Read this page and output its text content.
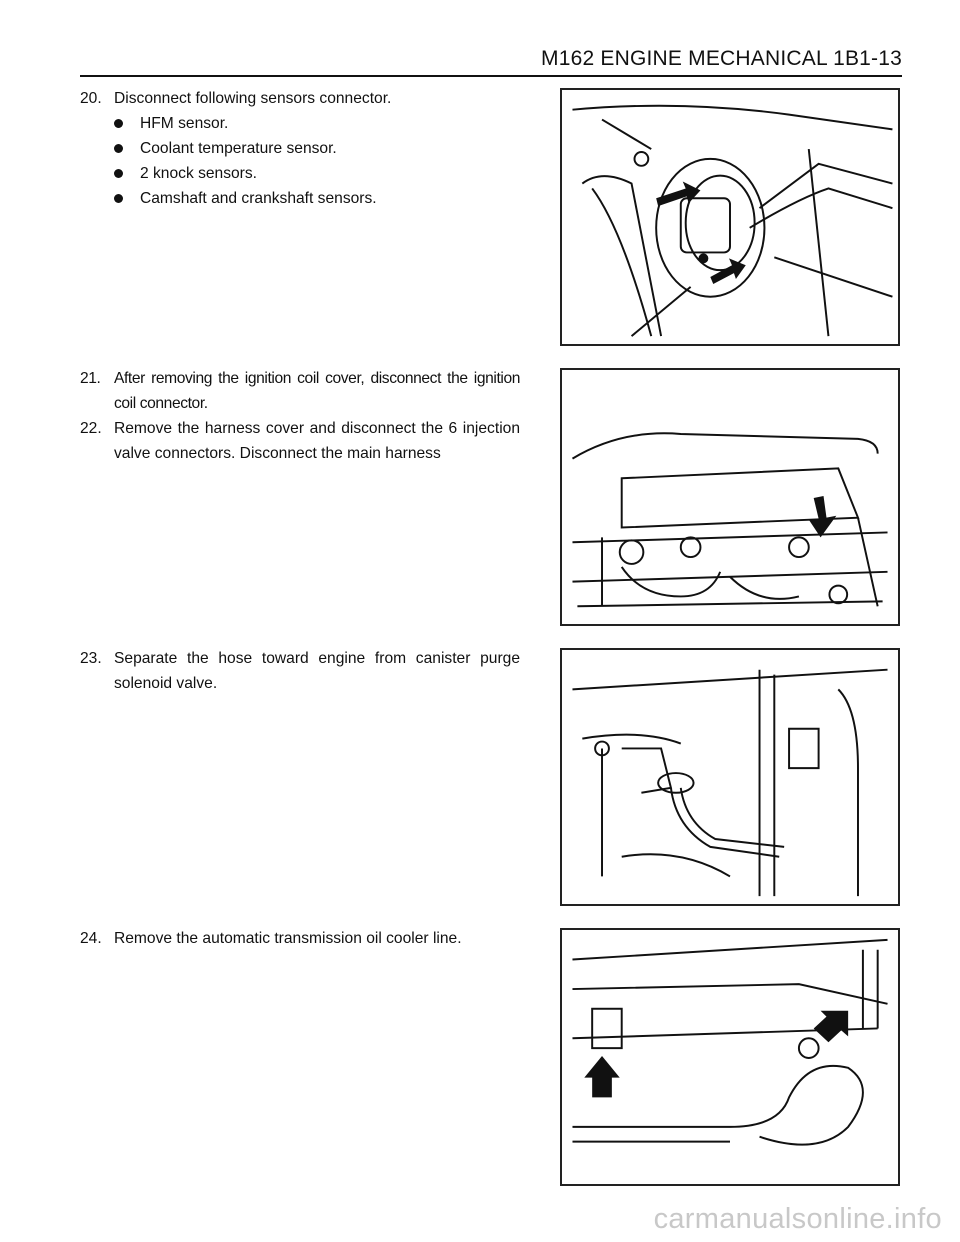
M162 ENGINE MECHANICAL 1B1-13
20. Disconnect following sensors connector.
HFM sensor.
Coolant temperature sensor.
2 knock sensors.
Camshaft and crankshaft sensors.
21. After removing the ignition coil cover, disconnect the ignition coil connector.
22. Remove the harness cover and disconnect the 6 injection valve connectors. Disconnect the main harness
23. Separate the hose toward engine from canister purge solenoid valve.
24. Remove the automatic transmission oil cooler line.
carmanualsonline.info
